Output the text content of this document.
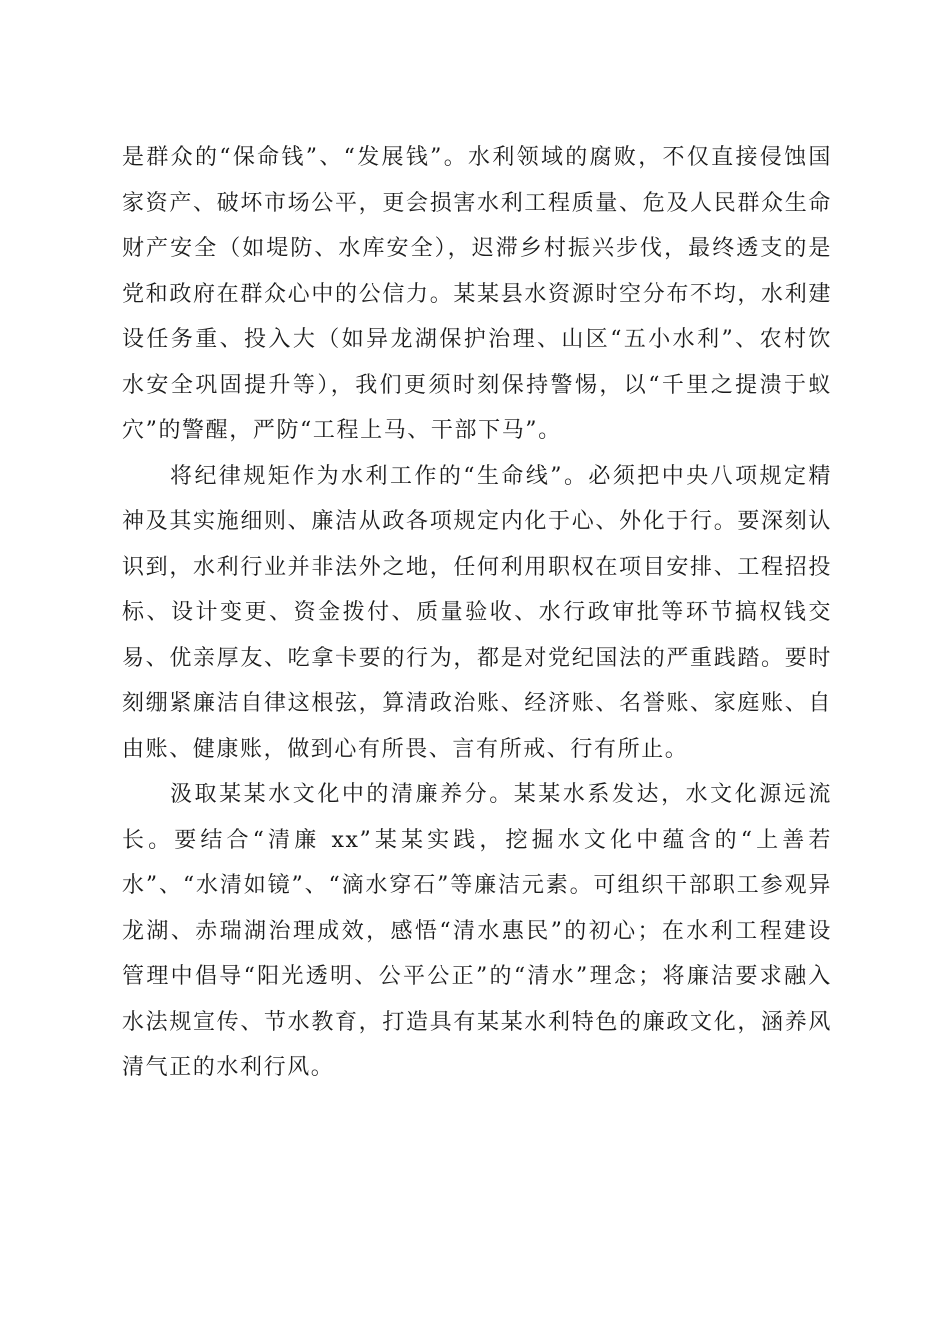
是群众的“保命钱”、“发展钱”。水利领域的腐败，不仅直接侵蚀国家资产、破坏市场公平，更会损害水利工程质量、危及人民群众生命财产安全（如堤防、水库安全），迟滞乡村振兴步伐，最终透支的是党和政府在群众心中的公信力。某某县水资源时空分布不均，水利建设任务重、投入大（如异龙湖保护治理、山区“五小水利”、农村饮水安全巩固提升等），我们更须时刻保持警惕，以“千里之提溃于蚁穴”的警醒，严防“工程上马、干部下马”。

将纪律规矩作为水利工作的“生命线”。必须把中央八项规定精神及其实施细则、廉洁从政各项规定内化于心、外化于行。要深刻认识到，水利行业并非法外之地，任何利用职权在项目安排、工程招投标、设计变更、资金拨付、质量验收、水行政审批等环节搞权钱交易、优亲厚友、吃拿卡要的行为，都是对党纪国法的严重践踏。要时刻绷紧廉洁自律这根弦，算清政治账、经济账、名誉账、家庭账、自由账、健康账，做到心有所畏、言有所戒、行有所止。

汲取某某水文化中的清廉养分。某某水系发达，水文化源远流长。要结合“清廉 xx”某某实践，挖掘水文化中蕴含的“上善若水”、“水清如镜”、“滴水穿石”等廉洁元素。可组织干部职工参观异龙湖、赤瑞湖治理成效，感悟“清水惠民”的初心；在水利工程建设管理中倡导“阳光透明、公平公正”的“清水”理念；将廉洁要求融入水法规宣传、节水教育，打造具有某某水利特色的廉政文化，涵养风清气正的水利行风。
